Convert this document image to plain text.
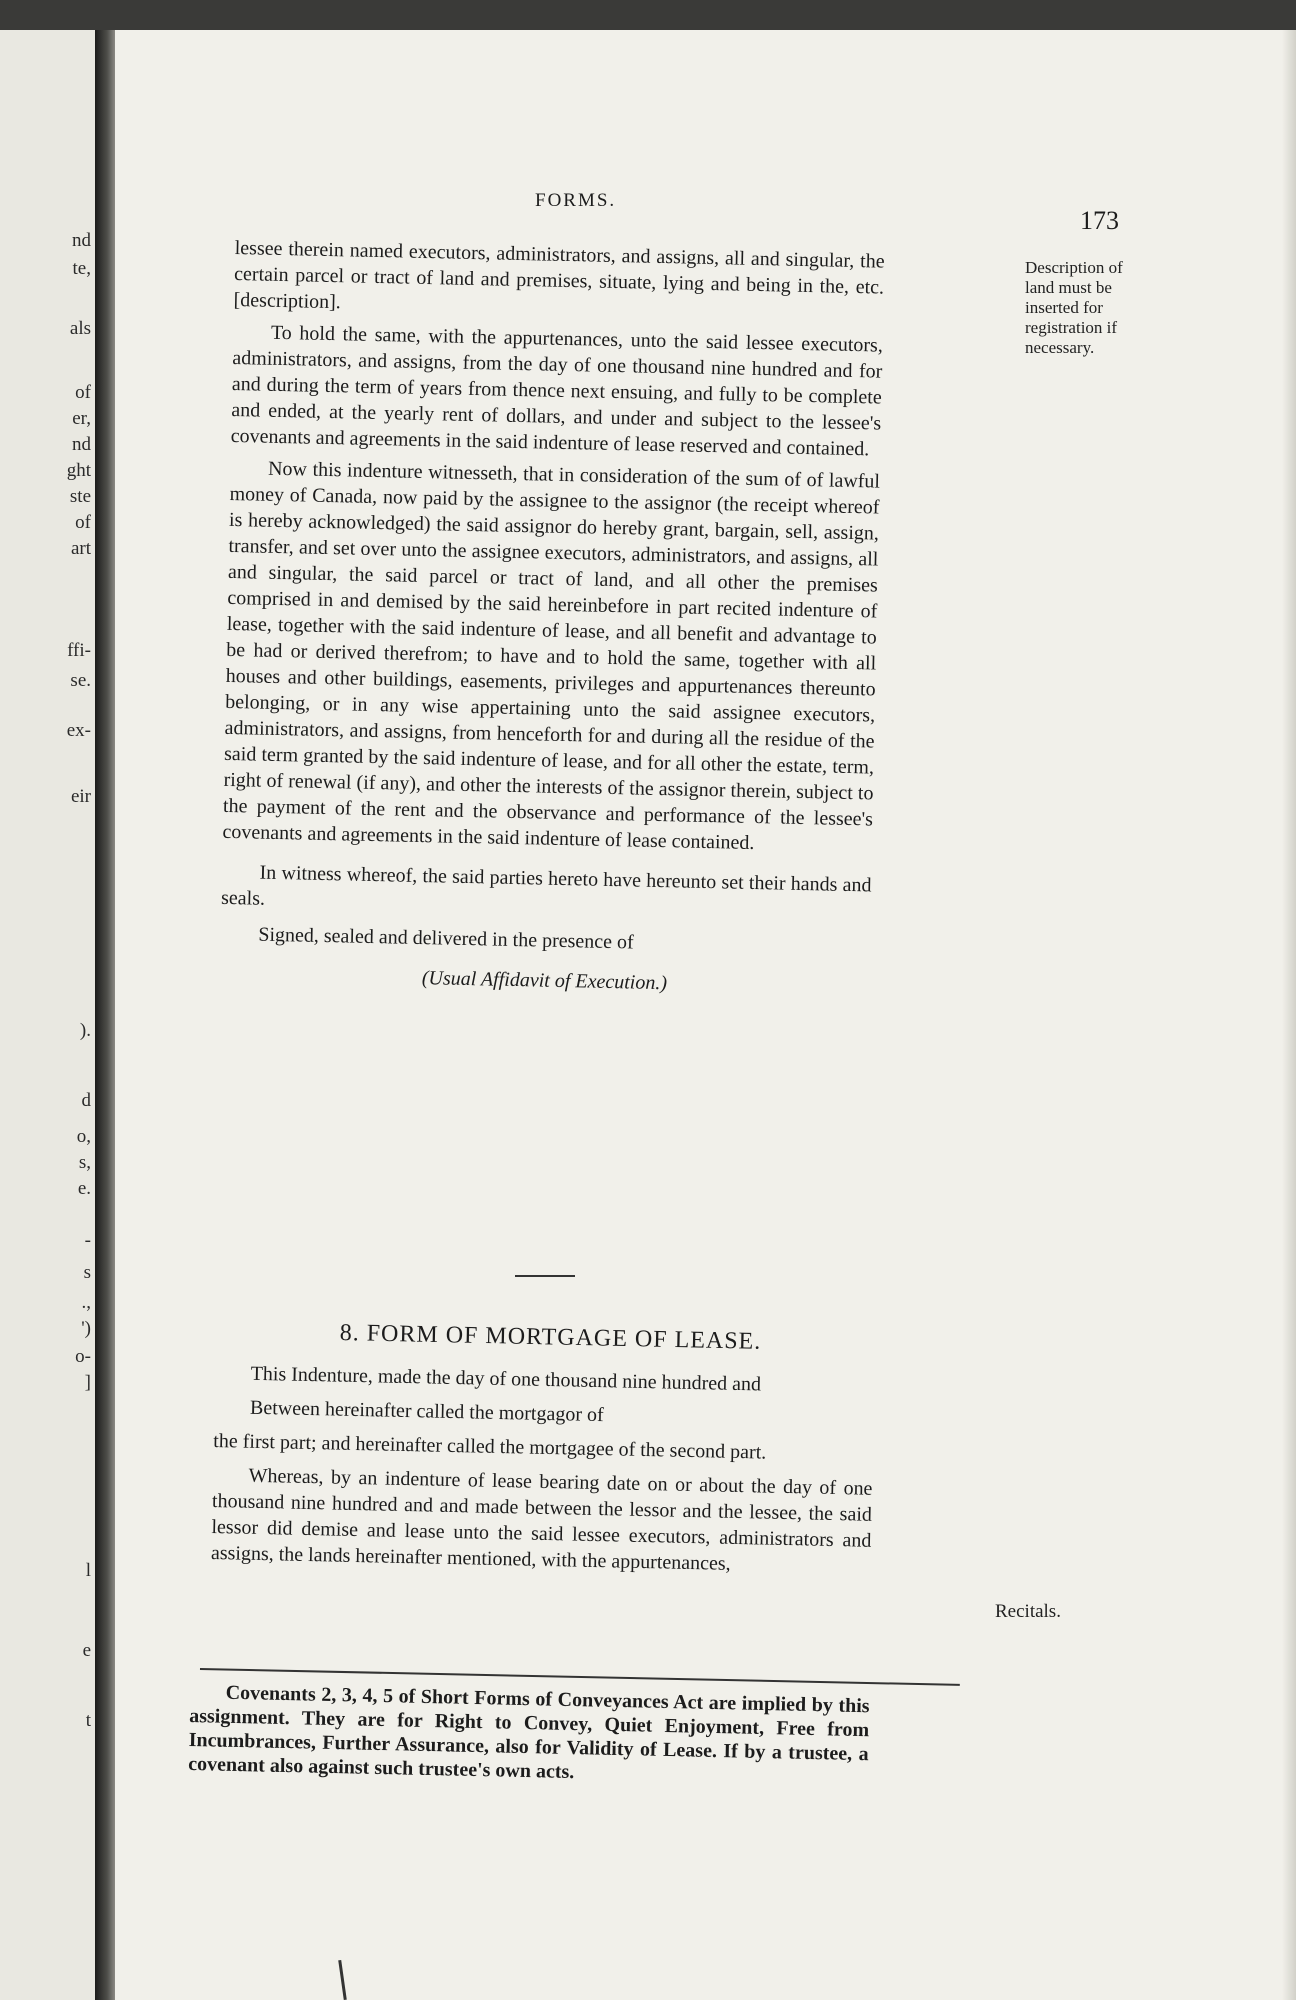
nd
te,
als
of
er,
nd
ght
ste
of
art
ffi-
se.
ex-
eir
).
d
o,
s,
e.
-
s
.,
')
o-
]
l
e
t
FORMS.
173
Description of land must be inserted for registration if necessary.

lessee therein named executors, administrators, and assigns, all and singular, the certain parcel or tract of land and premises, situate, lying and being in the, etc. [description].

To hold the same, with the appurtenances, unto the said lessee executors, administrators, and assigns, from the day of one thousand nine hundred and for and during the term of years from thence next ensuing, and fully to be complete and ended, at the yearly rent of dollars, and under and subject to the lessee's covenants and agreements in the said indenture of lease reserved and contained.

Now this indenture witnesseth, that in consideration of the sum of of lawful money of Canada, now paid by the assignee to the assignor (the receipt whereof is hereby acknowledged) the said assignor do hereby grant, bargain, sell, assign, transfer, and set over unto the assignee executors, administrators, and assigns, all and singular, the said parcel or tract of land, and all other the premises comprised in and demised by the said hereinbefore in part recited indenture of lease, together with the said indenture of lease, and all benefit and advantage to be had or derived therefrom; to have and to hold the same, together with all houses and other buildings, easements, privileges and appurtenances thereunto belonging, or in any wise appertaining unto the said assignee executors, administrators, and assigns, from henceforth for and during all the residue of the said term granted by the said indenture of lease, and for all other the estate, term, right of renewal (if any), and other the interests of the assignor therein, subject to the payment of the rent and the observance and performance of the lessee's covenants and agreements in the said indenture of lease contained.

In witness whereof, the said parties hereto have hereunto set their hands and seals.

Signed, sealed and delivered in the presence of

(Usual Affidavit of Execution.)

8. FORM OF MORTGAGE OF LEASE.

This Indenture, made the day of one thousand nine hundred and

Between hereinafter called the mortgagor of

the first part; and hereinafter called the mortgagee of the second part.

Whereas, by an indenture of lease bearing date on or about the day of one thousand nine hundred and and made between the lessor and the lessee, the said lessor did demise and lease unto the said lessee executors, administrators and assigns, the lands hereinafter mentioned, with the appurtenances,

Recitals.

Covenants 2, 3, 4, 5 of Short Forms of Conveyances Act are implied by this assignment. They are for Right to Convey, Quiet Enjoyment, Free from Incumbrances, Further Assurance, also for Validity of Lease. If by a trustee, a covenant also against such trustee's own acts.
